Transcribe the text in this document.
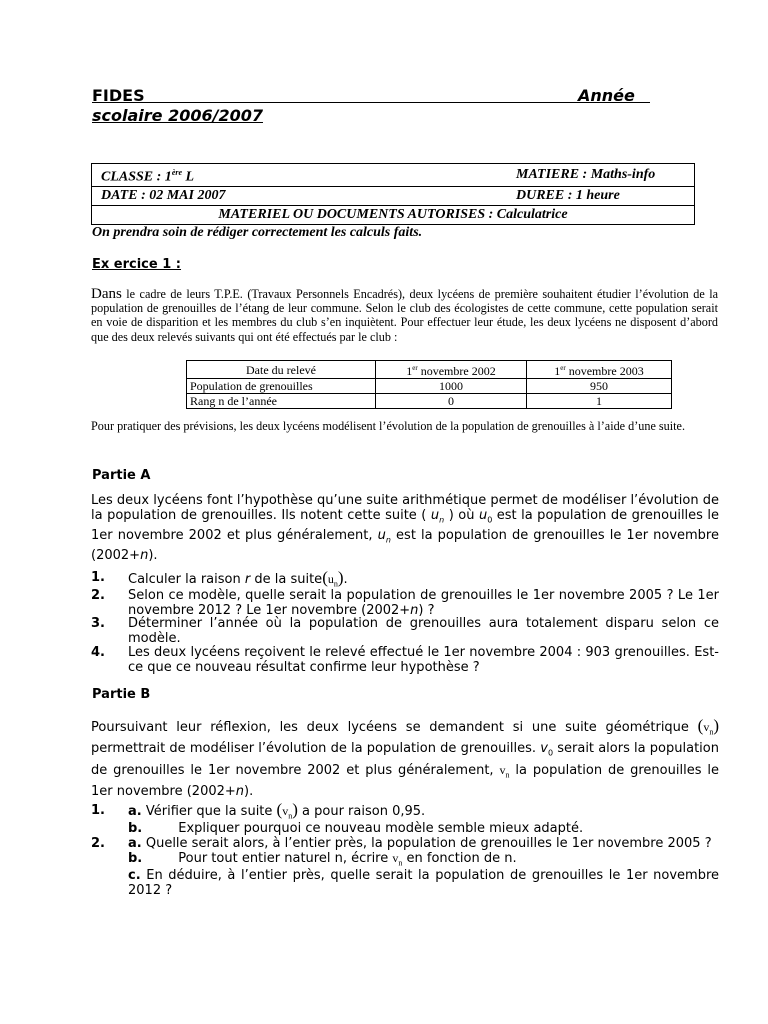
FIDES	Année
scolaire 2006/2007
CLASSE : 1ère L	MATIERE : Maths-info
DATE : 02 MAI 2007	DUREE : 1 heure
MATERIEL OU DOCUMENTS AUTORISES : Calculatrice	
On prendra soin de rédiger correctement les calculs faits.
Ex ercice 1 :
Dans le cadre de leurs T.P.E. (Travaux Personnels Encadrés), deux lycéens de première souhaitent étudier l’évolution de la population de grenouilles de l’étang de leur commune. Selon le club des écologistes de cette commune, cette population serait en voie de disparition et les membres du club s’en inquiètent. Pour effectuer leur étude, les deux lycéens ne disposent d’abord que des deux relevés suivants qui ont été effectués par le club :
Date du relevé	1er novembre 2002	1er novembre 2003
Population de grenouilles	1000	950
Rang n de l’année	0	1
Pour pratiquer des prévisions, les deux lycéens modélisent l’évolution de la population de grenouilles à l’aide d’une suite.
Partie A
Les deux lycéens font l’hypothèse qu’une suite arithmétique permet de modéliser l’évolution de la population de grenouilles. Ils notent cette suite ( $u_n$ ) où $u_0$ est la population de grenouilles le 1er novembre 2002 et plus généralement, $u_n$ est la population de grenouilles le 1er novembre (2002+n).
1. Calculer la raison r de la $suite(u_n)$.
2. Selon ce modèle, quelle serait la population de grenouilles le 1er novembre 2005 ? Le 1er novembre 2012 ? Le 1er novembre (2002+n) ?
3. Déterminer l’année où la population de grenouilles aura totalement disparu selon ce modèle.
4. Les deux lycéens reçoivent le relevé effectué le 1er novembre 2004 : 903 grenouilles. Est-ce que ce nouveau résultat confirme leur hypothèse ?
Partie B
Poursuivant leur réflexion, les deux lycéens se demandent si une suite géométrique $(v_n)$ permettrait de modéliser l’évolution de la population de grenouilles. $v_0$ serait alors la population de grenouilles le 1er novembre 2002 et plus généralement, $v_n$ la population de grenouilles le 1er novembre (2002+n).
1. a. Vérifier que la suite $(v_n)$ a pour raison 0,95.
b.	Expliquer pourquoi ce nouveau modèle semble mieux adapté.
2. a. Quelle serait alors, à l’entier près, la population de grenouilles le 1er novembre 2005 ?
b.	Pour tout entier naturel n, écrire $v_n$ en fonction de n.
c. En déduire, à l’entier près, quelle serait la population de grenouilles le 1er novembre 2012 ?
